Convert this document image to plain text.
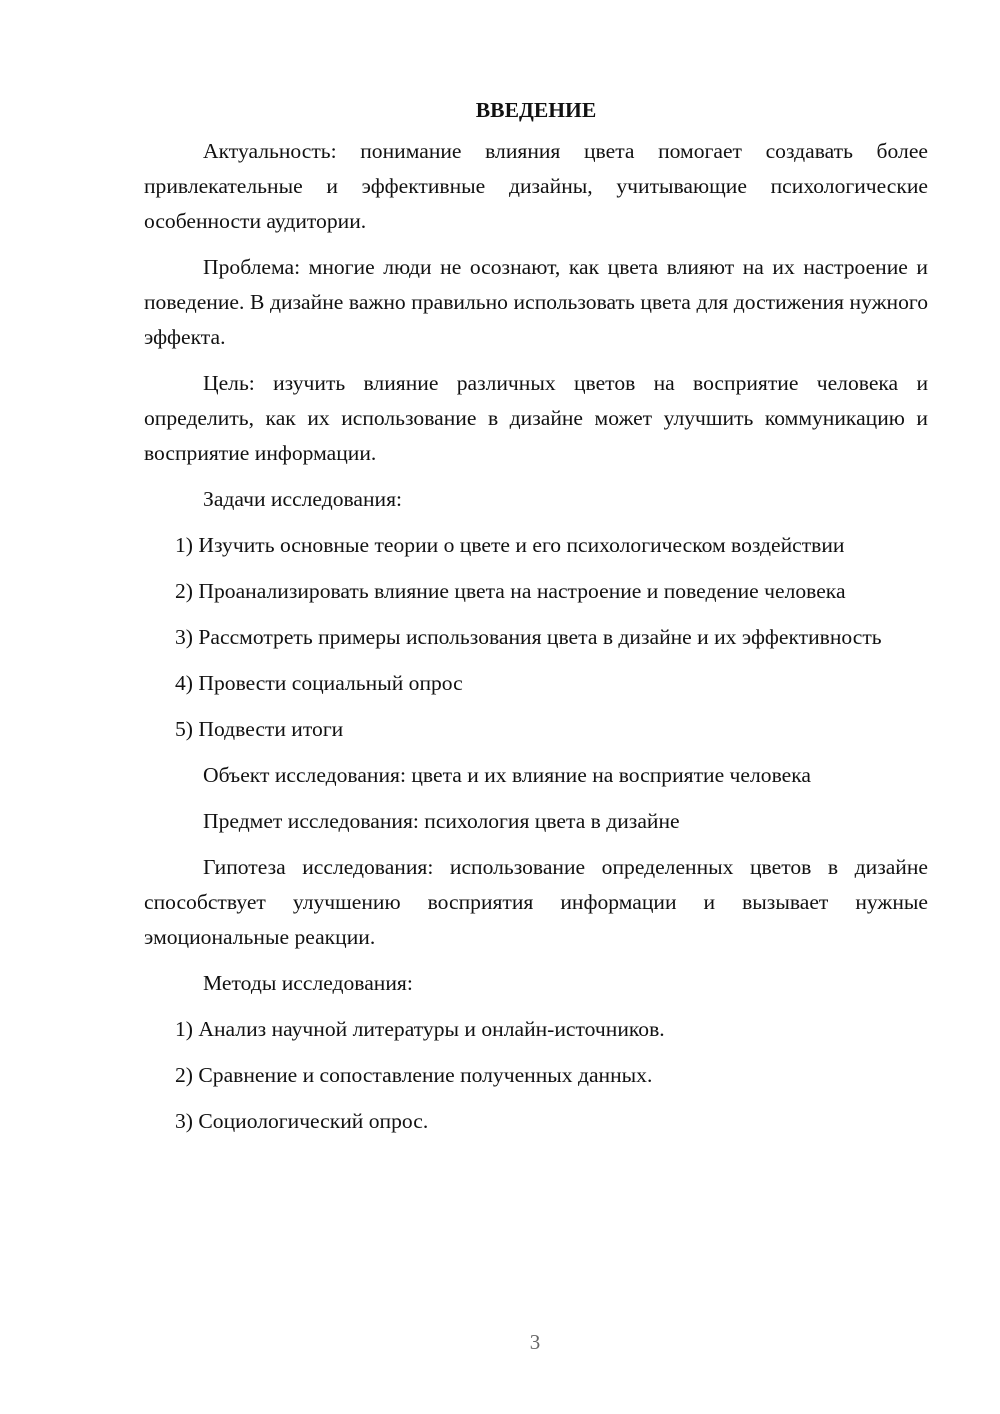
ВВЕДЕНИЕ

Актуальность: понимание влияния цвета помогает создавать более привлекательные и эффективные дизайны, учитывающие психологические особенности аудитории.

Проблема: многие люди не осознают, как цвета влияют на их настроение и поведение. В дизайне важно правильно использовать цвета для достижения нужного эффекта.

Цель: изучить влияние различных цветов на восприятие человека и определить, как их использование в дизайне может улучшить коммуникацию и восприятие информации.

Задачи исследования:

1) Изучить основные теории о цвете и его психологическом воздействии

2) Проанализировать влияние цвета на настроение и поведение человека

3) Рассмотреть примеры использования цвета в дизайне и их эффективность

4) Провести социальный опрос

5) Подвести итоги

Объект исследования: цвета и их влияние на восприятие человека

Предмет исследования: психология цвета в дизайне

Гипотеза исследования: использование определенных цветов в дизайне способствует улучшению восприятия информации и вызывает нужные эмоциональные реакции.

Методы исследования:

1) Анализ научной литературы и онлайн-источников.

2) Сравнение и сопоставление полученных данных.

3) Социологический опрос.

3
